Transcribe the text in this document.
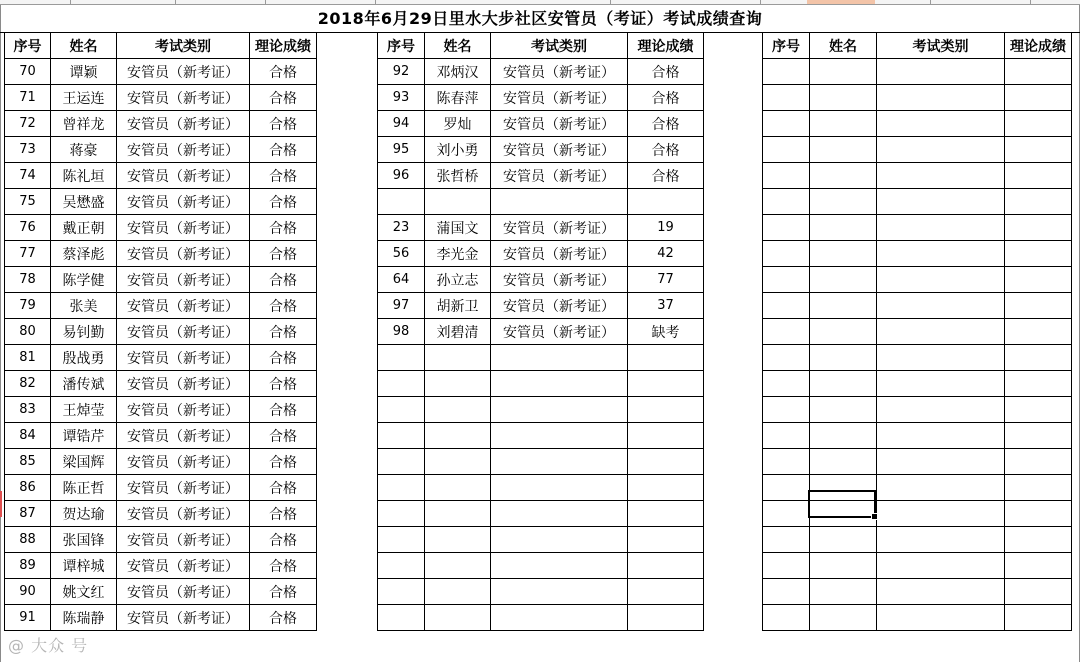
2018年6月29日里水大步社区安管员（考证）考试成绩查询
序号	姓名	考试类别	理论成绩
70	谭颖	安管员（新考证）	合格
71	王运连	安管员（新考证）	合格
72	曾祥龙	安管员（新考证）	合格
73	蒋豪	安管员（新考证）	合格
74	陈礼垣	安管员（新考证）	合格
75	吴懋盛	安管员（新考证）	合格
76	戴正朝	安管员（新考证）	合格
77	蔡泽彪	安管员（新考证）	合格
78	陈学健	安管员（新考证）	合格
79	张美	安管员（新考证）	合格
80	易钊勤	安管员（新考证）	合格
81	殷战勇	安管员（新考证）	合格
82	潘传斌	安管员（新考证）	合格
83	王焯莹	安管员（新考证）	合格
84	谭锆芹	安管员（新考证）	合格
85	梁国辉	安管员（新考证）	合格
86	陈正哲	安管员（新考证）	合格
87	贺达瑜	安管员（新考证）	合格
88	张国锋	安管员（新考证）	合格
89	谭梓城	安管员（新考证）	合格
90	姚文红	安管员（新考证）	合格
91	陈瑞静	安管员（新考证）	合格
序号	姓名	考试类别	理论成绩
92	邓炳汉	安管员（新考证）	合格
93	陈春萍	安管员（新考证）	合格
94	罗灿	安管员（新考证）	合格
95	刘小勇	安管员（新考证）	合格
96	张哲桥	安管员（新考证）	合格

23	蒲国文	安管员（新考证）	19
56	李光金	安管员（新考证）	42
64	孙立志	安管员（新考证）	77
97	胡新卫	安管员（新考证）	37
98	刘碧清	安管员（新考证）	缺考

序号	姓名	考试类别	理论成绩

@ 大众 号
